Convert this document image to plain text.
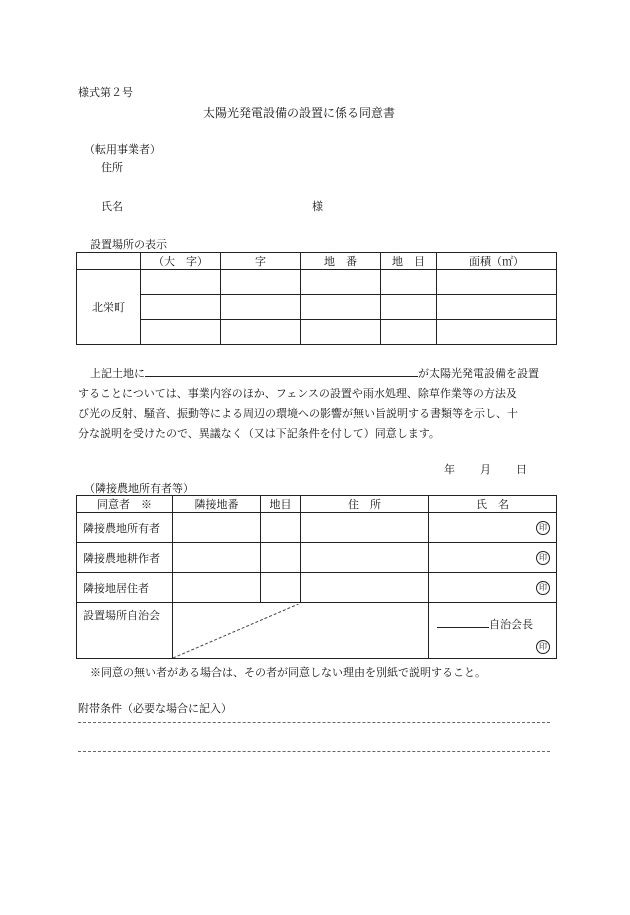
様式第２号
太陽光発電設備の設置に係る同意書
（転用事業者）
住所
氏名	様
設置場所の表示
	（大　字）	字	地　番	地　目	面積（㎡）
北栄町					

上記土地に	が太陽光発電設備を設置
することについては、事業内容のほか、フェンスの設置や雨水処理、除草作業等の方法及
び光の反射、騒音、振動等による周辺の環境への影響が無い旨説明する書類等を示し、十
分な説明を受けたので、異議なく（又は下記条件を付して）同意します。
年 月 日
（隣接農地所有者等）
同意者　※	隣接地番	地目	住　所	氏　名
隣接農地所有者				印
隣接農地耕作者				印
隣接地居住者				印
設置場所自治会				自治会長
印
※同意の無い者がある場合は、その者が同意しない理由を別紙で説明すること。
附帯条件（必要な場合に記入）
